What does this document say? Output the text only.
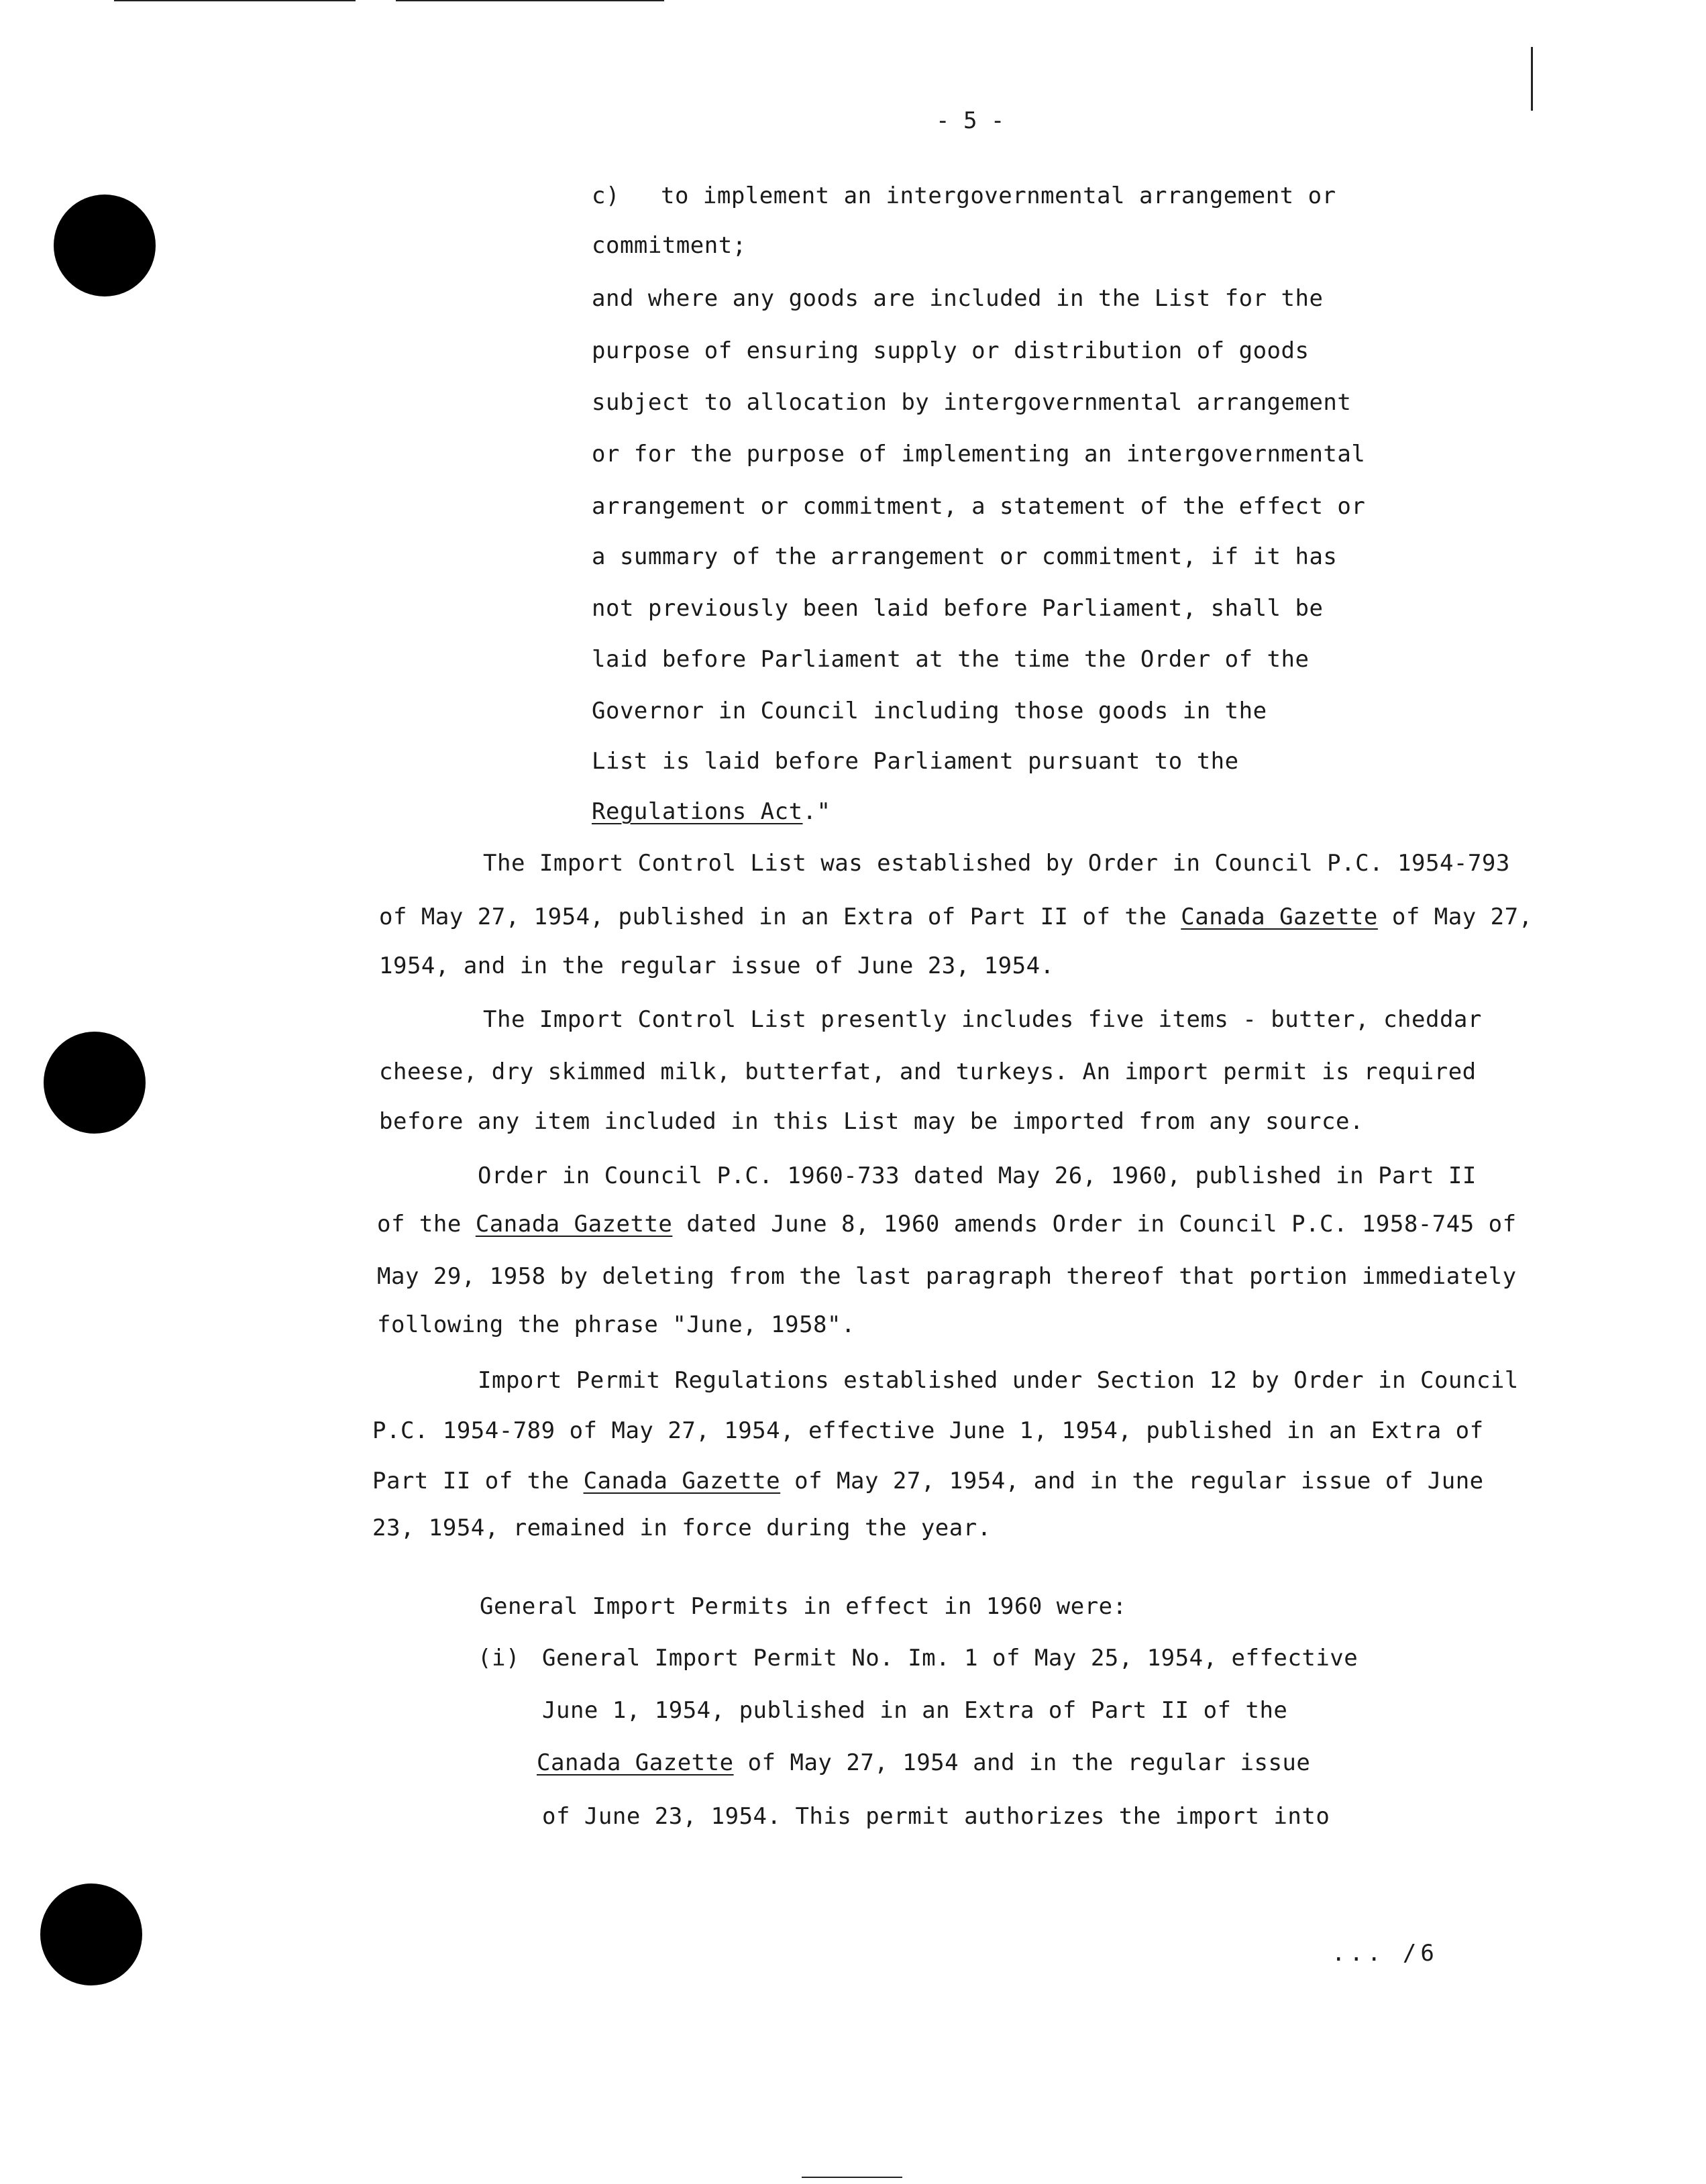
- 5 -
c) to implement an intergovernmental arrangement or
commitment;
and where any goods are included in the List for the
purpose of ensuring supply or distribution of goods
subject to allocation by intergovernmental arrangement
or for the purpose of implementing an intergovernmental
arrangement or commitment, a statement of the effect or
a summary of the arrangement or commitment, if it has
not previously been laid before Parliament, shall be
laid before Parliament at the time the Order of the
Governor in Council including those goods in the
List is laid before Parliament pursuant to the
Regulations Act."
The Import Control List was established by Order in Council P.C. 1954-793
of May 27, 1954, published in an Extra of Part II of the Canada Gazette of May 27,
1954, and in the regular issue of June 23, 1954.
The Import Control List presently includes five items - butter, cheddar
cheese, dry skimmed milk, butterfat, and turkeys. An import permit is required
before any item included in this List may be imported from any source.
Order in Council P.C. 1960-733 dated May 26, 1960, published in Part II
of the Canada Gazette dated June 8, 1960 amends Order in Council P.C. 1958-745 of
May 29, 1958 by deleting from the last paragraph thereof that portion immediately
following the phrase "June, 1958".
Import Permit Regulations established under Section 12 by Order in Council
P.C. 1954-789 of May 27, 1954, effective June 1, 1954, published in an Extra of
Part II of the Canada Gazette of May 27, 1954, and in the regular issue of June
23, 1954, remained in force during the year.
General Import Permits in effect in 1960 were:
(i) General Import Permit No. Im. 1 of May 25, 1954, effective
June 1, 1954, published in an Extra of Part II of the
Canada Gazette of May 27, 1954 and in the regular issue
of June 23, 1954. This permit authorizes the import into
... /6
